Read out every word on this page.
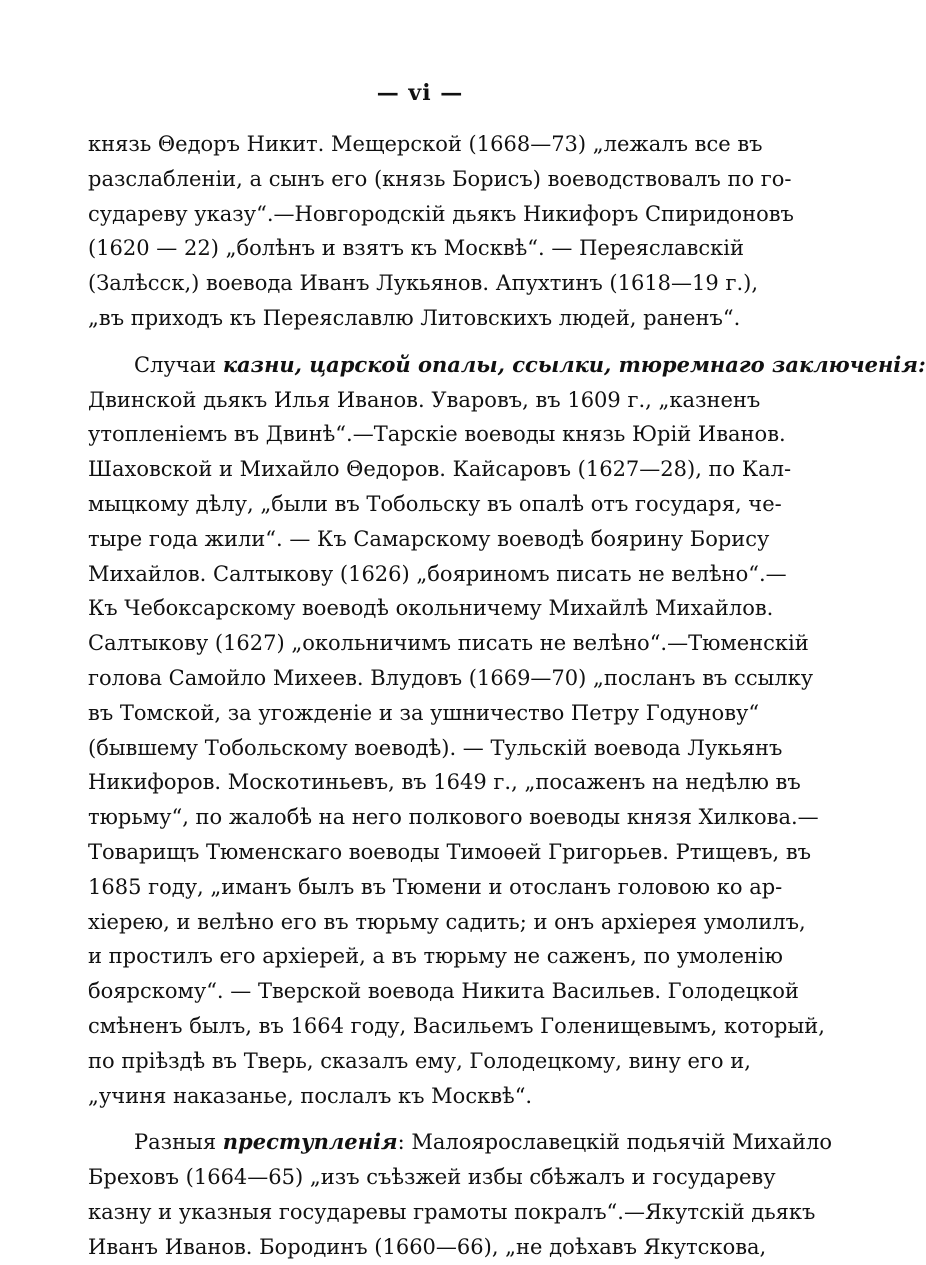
— vi —
князь Θедоръ Никит. Мещерской (1668—73) „лежалъ все въ
разслабленіи, а сынъ его (князь Борисъ) воеводствовалъ по го-
судареву указу“.—Новгородскій дьякъ Никифоръ Спиридоновъ
(1620 — 22) „болѣнъ и взятъ къ Москвѣ“. — Переяславскій
(Залѣсск,) воевода Иванъ Лукьянов. Апухтинъ (1618—19 г.),
„въ приходъ къ Переяславлю Литовскихъ людей, раненъ“.
Случаи казни, царской опалы, ссылки, тюремнаго заключенія:
Двинской дьякъ Илья Иванов. Уваровъ, въ 1609 г., „казненъ
утопленіемъ въ Двинѣ“.—Тарскіе воеводы князь Юрій Иванов.
Шаховской и Михайло Θедоров. Кайсаровъ (1627—28), по Кал-
мыцкому дѣлу, „были въ Тобольску въ опалѣ отъ государя, че-
тыре года жили“. — Къ Самарскому воеводѣ боярину Борису
Михайлов. Салтыкову (1626) „бояриномъ писать не велѣно“.—
Къ Чебоксарскому воеводѣ окольничему Михайлѣ Михайлов.
Салтыкову (1627) „окольничимъ писать не велѣно“.—Тюменскій
голова Самойло Михеев. Влудовъ (1669—70) „посланъ въ ссылку
въ Томской, за угожденіе и за ушничество Петру Годунову“
(бывшему Тобольскому воеводѣ). — Тульскій воевода Лукьянъ
Никифоров. Москотиньевъ, въ 1649 г., „посаженъ на недѣлю въ
тюрьму“, по жалобѣ на него полкового воеводы князя Хилкова.—
Товарищъ Тюменскаго воеводы Тимоѳей Григорьев. Ртищевъ, въ
1685 году, „иманъ былъ въ Тюмени и отосланъ головою ко ар-
хіерею, и велѣно его въ тюрьму садить; и онъ архіерея умолилъ,
и простилъ его архіерей, а въ тюрьму не саженъ, по умоленію
боярскому“. — Тверской воевода Никита Васильев. Голодецкой
смѣненъ былъ, въ 1664 году, Васильемъ Голенищевымъ, который,
по пріѣздѣ въ Тверь, сказалъ ему, Голодецкому, вину его и,
„учиня наказанье, послалъ къ Москвѣ“.
Разныя преступленія: Малоярославецкій подьячій Михайло
Бреховъ (1664—65) „изъ съѣзжей избы сбѣжалъ и государеву
казну и указныя государевы грамоты покралъ“.—Якутскій дьякъ
Иванъ Иванов. Бородинъ (1660—66), „не доѣхавъ Якутскова,
